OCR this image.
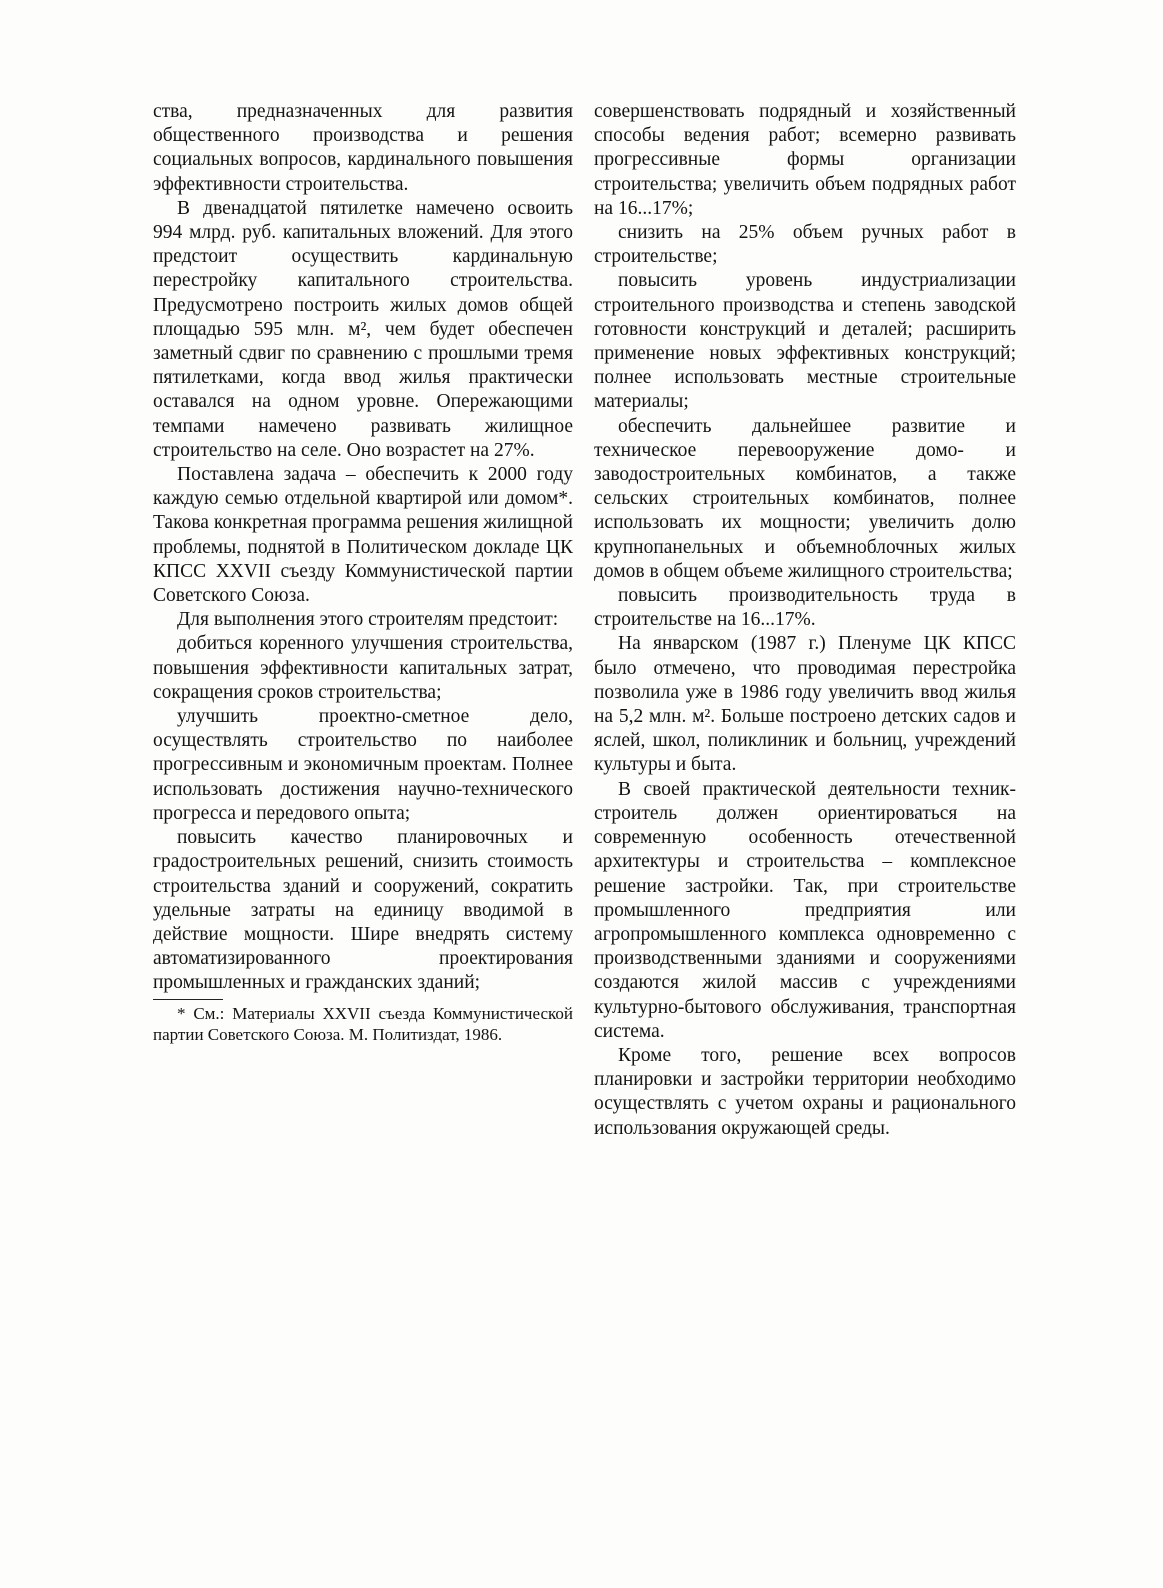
ства, предназначенных для развития общественного производства и решения социальных вопросов, кардинального повышения эффективности строительства.

В двенадцатой пятилетке намечено освоить 994 млрд. руб. капитальных вложений. Для этого предстоит осуществить кардинальную перестройку капитального строительства. Предусмотрено построить жилых домов общей площадью 595 млн. м², чем будет обеспечен заметный сдвиг по сравнению с прошлыми тремя пятилетками, когда ввод жилья практически оставался на одном уровне. Опережающими темпами намечено развивать жилищное строительство на селе. Оно возрастет на 27%.

Поставлена задача – обеспечить к 2000 году каждую семью отдельной квартирой или домом*. Такова конкретная программа решения жилищной проблемы, поднятой в Политическом докладе ЦК КПСС XXVII съезду Коммунистической партии Советского Союза.

Для выполнения этого строителям предстоит:

добиться коренного улучшения строительства, повышения эффективности капитальных затрат, сокращения сроков строительства;

улучшить проектно-сметное дело, осуществлять строительство по наиболее прогрессивным и экономичным проектам. Полнее использовать достижения научно-технического прогресса и передового опыта;

повысить качество планировочных и градостроительных решений, снизить стоимость строительства зданий и сооружений, сократить удельные затраты на единицу вводимой в действие мощности. Шире внедрять систему автоматизированного проектирования промышленных и гражданских зданий;

* См.: Материалы XXVII съезда Коммунистической партии Советского Союза. М. Политиздат, 1986.

совершенствовать подрядный и хозяйственный способы ведения работ; всемерно развивать прогрессивные формы организации строительства; увеличить объем подрядных работ на 16...17%;

снизить на 25% объем ручных работ в строительстве;

повысить уровень индустриализации строительного производства и степень заводской готовности конструкций и деталей; расширить применение новых эффективных конструкций; полнее использовать местные строительные материалы;

обеспечить дальнейшее развитие и техническое перевооружение домо- и заводостроительных комбинатов, а также сельских строительных комбинатов, полнее использовать их мощности; увеличить долю крупнопанельных и объемноблочных жилых домов в общем объеме жилищного строительства;

повысить производительность труда в строительстве на 16...17%.

На январском (1987 г.) Пленуме ЦК КПСС было отмечено, что проводимая перестройка позволила уже в 1986 году увеличить ввод жилья на 5,2 млн. м². Больше построено детских садов и яслей, школ, поликлиник и больниц, учреждений культуры и быта.

В своей практической деятельности техник-строитель должен ориентироваться на современную особенность отечественной архитектуры и строительства – комплексное решение застройки. Так, при строительстве промышленного предприятия или агропромышленного комплекса одновременно с производственными зданиями и сооружениями создаются жилой массив с учреждениями культурно-бытового обслуживания, транспортная система.

Кроме того, решение всех вопросов планировки и застройки территории необходимо осуществлять с учетом охраны и рационального использования окружающей среды.
